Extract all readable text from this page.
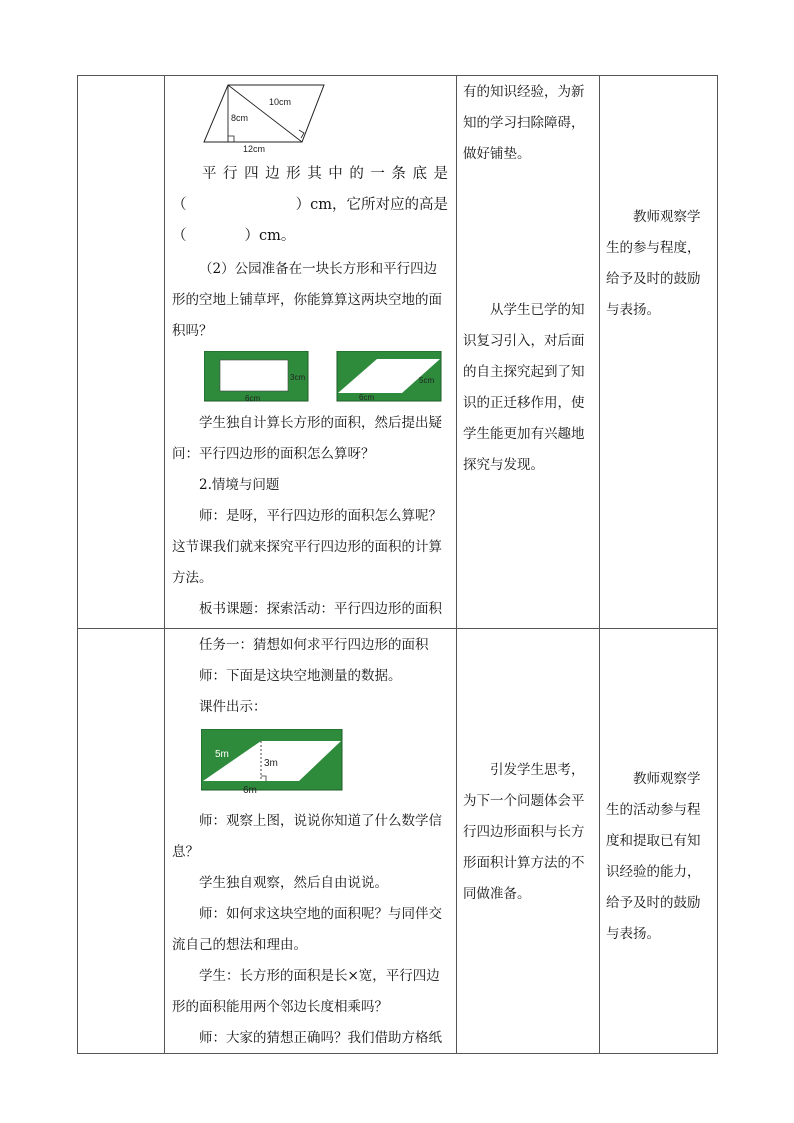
10cm
8cm
12cm
平行四边形其中的一条底是
（	）cm，它所对应的高是
（　　　　）cm。

（2）公园准备在一块长方形和平行四边形的空地上铺草坪，你能算算这两块空地的面积吗？

3cm
6cm
5cm
6cm

学生独自计算长方形的面积，然后提出疑问：平行四边形的面积怎么算呀？

2.情境与问题

师：是呀，平行四边形的面积怎么算呢？这节课我们就来探究平行四边形的面积的计算方法。

板书课题：探索活动：平行四边形的面积

有的知识经验，为新知的学习扫除障碍，做好铺垫。

从学生已学的知识复习引入，对后面的自主探究起到了知识的正迁移作用，使学生能更加有兴趣地探究与发现。

教师观察学生的参与程度，给予及时的鼓励与表扬。

任务一：猜想如何求平行四边形的面积

师：下面是这块空地测量的数据。

课件出示：

5m
3m
6m

师：观察上图，说说你知道了什么数学信息？

学生独自观察，然后自由说说。

师：如何求这块空地的面积呢？与同伴交流自己的想法和理由。

学生：长方形的面积是长×宽，平行四边形的面积能用两个邻边长度相乘吗？

师：大家的猜想正确吗？我们借助方格纸

引发学生思考，为下一个问题体会平行四边形面积与长方形面积计算方法的不同做准备。

教师观察学生的活动参与程度和提取已有知识经验的能力，给予及时的鼓励与表扬。
